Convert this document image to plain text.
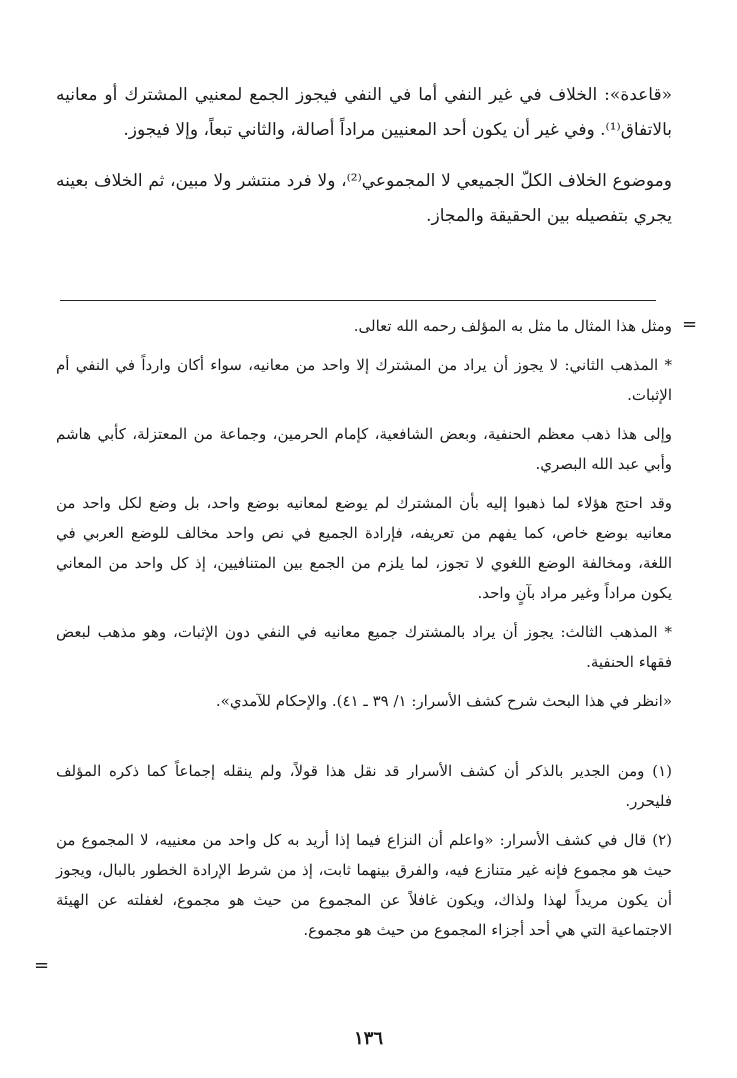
«قاعدة»: الخلاف في غير النفي أما في النفي فيجوز الجمع لمعنيي المشترك أو معانيه بالاتفاق⁽¹⁾. وفي غير أن يكون أحد المعنيين مراداً أصالة، والثاني تبعاً، وإلا فيجوز.

وموضوع الخلاف الكلّ الجميعي لا المجموعي⁽²⁾، ولا فرد منتشر ولا مبين، ثم الخلاف بعينه يجري بتفصيله بين الحقيقة والمجاز.

=

ومثل هذا المثال ما مثل به المؤلف رحمه الله تعالى.

* المذهب الثاني: لا يجوز أن يراد من المشترك إلا واحد من معانيه، سواء أكان وارداً في النفي أم الإثبات.

وإلى هذا ذهب معظم الحنفية، وبعض الشافعية، كإمام الحرمين، وجماعة من المعتزلة، كأبي هاشم وأبي عبد الله البصري.

وقد احتج هؤلاء لما ذهبوا إليه بأن المشترك لم يوضع لمعانيه بوضع واحد، بل وضع لكل واحد من معانيه بوضع خاص، كما يفهم من تعريفه، فإرادة الجميع في نص واحد مخالف للوضع العربي في اللغة، ومخالفة الوضع اللغوي لا تجوز، لما يلزم من الجمع بين المتنافيين، إذ كل واحد من المعاني يكون مراداً وغير مراد بآنٍ واحد.

* المذهب الثالث: يجوز أن يراد بالمشترك جميع معانيه في النفي دون الإثبات، وهو مذهب لبعض فقهاء الحنفية.

«انظر في هذا البحث شرح كشف الأسرار: ١/ ٣٩ ـ ٤١). والإحكام للآمدي».

(١) ومن الجدير بالذكر أن كشف الأسرار قد نقل هذا قولاً، ولم ينقله إجماعاً كما ذكره المؤلف فليحرر.

(٢) قال في كشف الأسرار: «واعلم أن النزاع فيما إذا أريد به كل واحد من معنييه، لا المجموع من حيث هو مجموع فإنه غير متنازع فيه، والفرق بينهما ثابت، إذ من شرط الإرادة الخطور بالبال، ويجوز أن يكون مريداً لهذا ولذاك، ويكون غافلاً عن المجموع من حيث هو مجموع، لغفلته عن الهيئة الاجتماعية التي هي أحد أجزاء المجموع من حيث هو مجموع.

=
١٣٦
